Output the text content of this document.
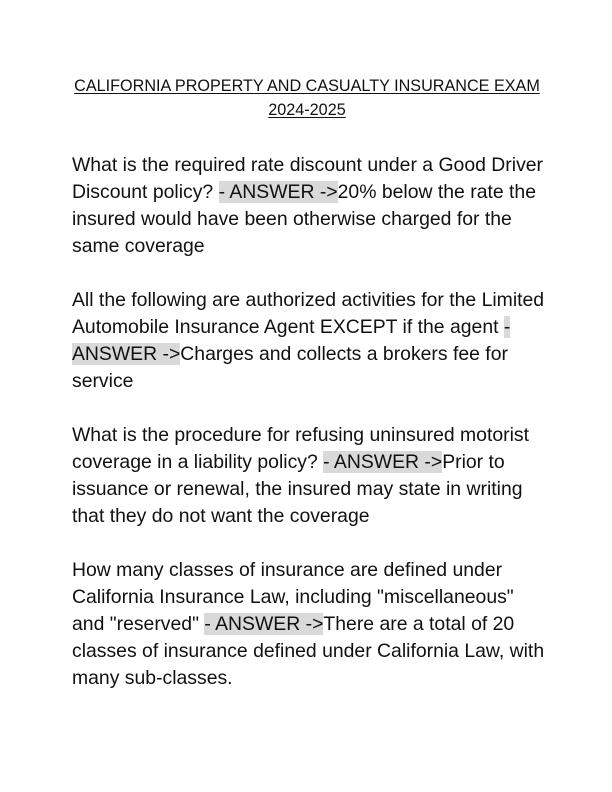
CALIFORNIA PROPERTY AND CASUALTY INSURANCE EXAM
2024-2025

What is the required rate discount under a Good Driver Discount policy? - ANSWER ->20% below the rate the insured would have been otherwise charged for the same coverage

All the following are authorized activities for the Limited Automobile Insurance Agent EXCEPT if the agent - ANSWER ->Charges and collects a brokers fee for service

What is the procedure for refusing uninsured motorist coverage in a liability policy? - ANSWER ->Prior to issuance or renewal, the insured may state in writing that they do not want the coverage

How many classes of insurance are defined under California Insurance Law, including "miscellaneous" and "reserved" - ANSWER ->There are a total of 20 classes of insurance defined under California Law, with many sub-classes.
